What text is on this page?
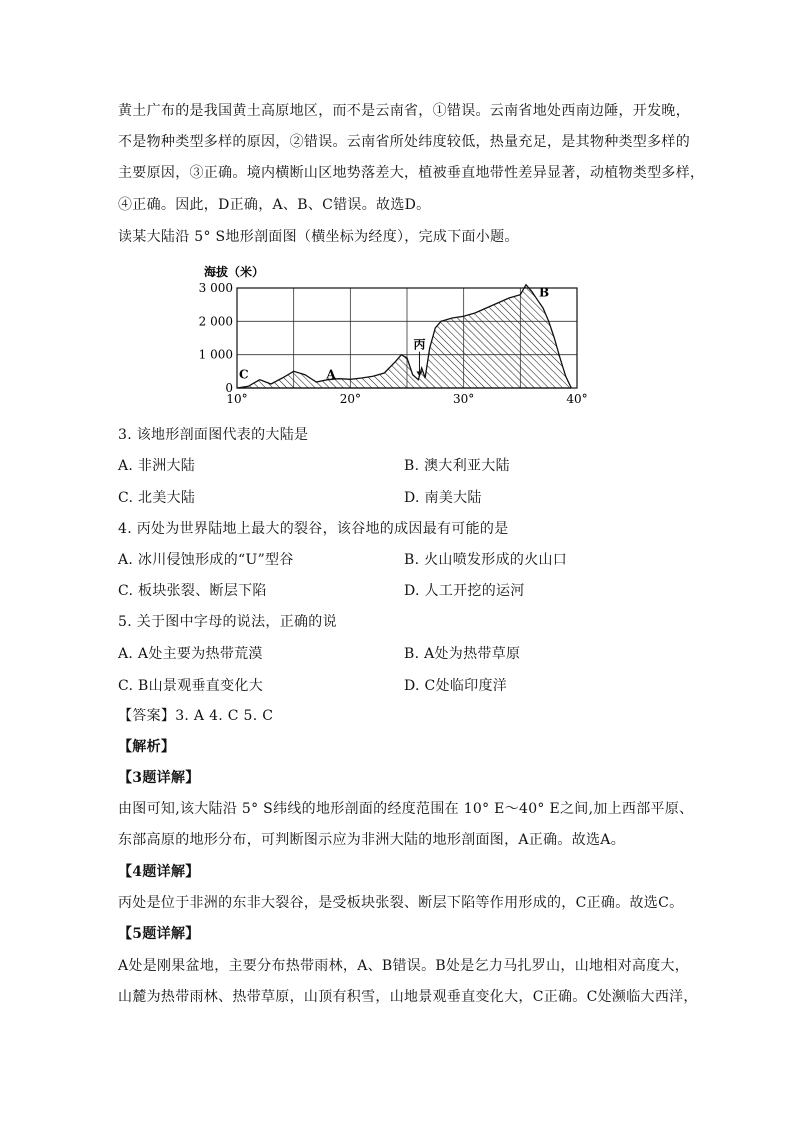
黄土广布的是我国黄土高原地区，而不是云南省，①错误。云南省地处西南边陲，开发晚，
不是物种类型多样的原因，②错误。云南省所处纬度较低，热量充足，是其物种类型多样的
主要原因，③正确。境内横断山区地势落差大，植被垂直地带性差异显著，动植物类型多样，
④正确。因此，D正确，A、B、C错误。故选D。
读某大陆沿 5° S地形剖面图（横坐标为经度），完成下面小题。
10°	20°	30°	40°
0
1 000
2 000
3 000
C	A
丙
B
海拔（米）
3. 该地形剖面图代表的大陆是
A. 非洲大陆	B. 澳大利亚大陆
C. 北美大陆	D. 南美大陆
4. 丙处为世界陆地上最大的裂谷，该谷地的成因最有可能的是
A. 冰川侵蚀形成的“U”型谷	B. 火山喷发形成的火山口
C. 板块张裂、断层下陷	D. 人工开挖的运河
5. 关于图中字母的说法，正确的说
A. A处主要为热带荒漠	B. A处为热带草原
C. B山景观垂直变化大	D. C处临印度洋
【答案】3. A 4. C 5. C
【解析】
【3题详解】
由图可知,该大陆沿 5° S纬线的地形剖面的经度范围在 10° E～40° E之间,加上西部平原、
东部高原的地形分布，可判断图示应为非洲大陆的地形剖面图，A正确。故选A。
【4题详解】
丙处是位于非洲的东非大裂谷，是受板块张裂、断层下陷等作用形成的，C正确。故选C。
【5题详解】
A处是刚果盆地，主要分布热带雨林，A、B错误。B处是乞力马扎罗山，山地相对高度大，
山麓为热带雨林、热带草原，山顶有积雪，山地景观垂直变化大，C正确。C处濒临大西洋，
